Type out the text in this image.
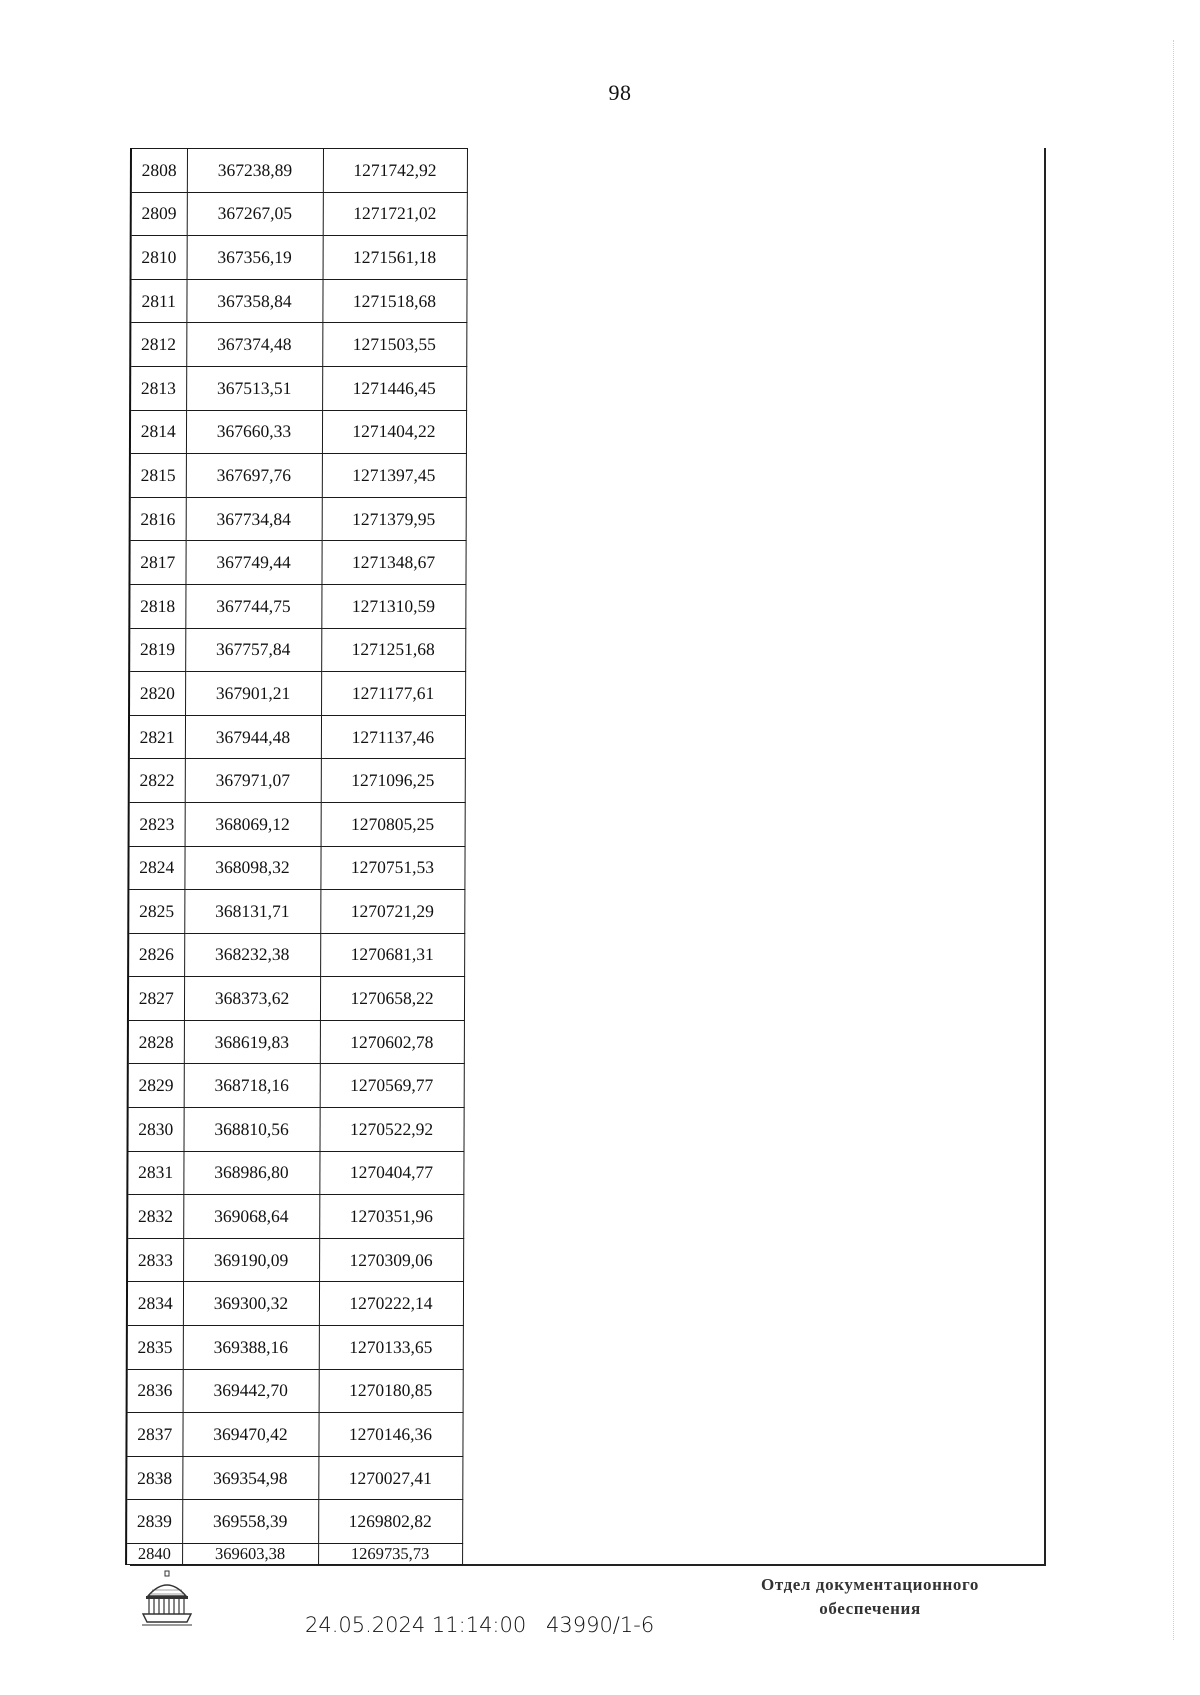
98
2808	367238,89	1271742,92
2809	367267,05	1271721,02
2810	367356,19	1271561,18
2811	367358,84	1271518,68
2812	367374,48	1271503,55
2813	367513,51	1271446,45
2814	367660,33	1271404,22
2815	367697,76	1271397,45
2816	367734,84	1271379,95
2817	367749,44	1271348,67
2818	367744,75	1271310,59
2819	367757,84	1271251,68
2820	367901,21	1271177,61
2821	367944,48	1271137,46
2822	367971,07	1271096,25
2823	368069,12	1270805,25
2824	368098,32	1270751,53
2825	368131,71	1270721,29
2826	368232,38	1270681,31
2827	368373,62	1270658,22
2828	368619,83	1270602,78
2829	368718,16	1270569,77
2830	368810,56	1270522,92
2831	368986,80	1270404,77
2832	369068,64	1270351,96
2833	369190,09	1270309,06
2834	369300,32	1270222,14
2835	369388,16	1270133,65
2836	369442,70	1270180,85
2837	369470,42	1270146,36
2838	369354,98	1270027,41
2839	369558,39	1269802,82
2840	369603,38	1269735,73
24.05.2024 11:14:00 43990/1-6
Отдел документационного
обеспечения
